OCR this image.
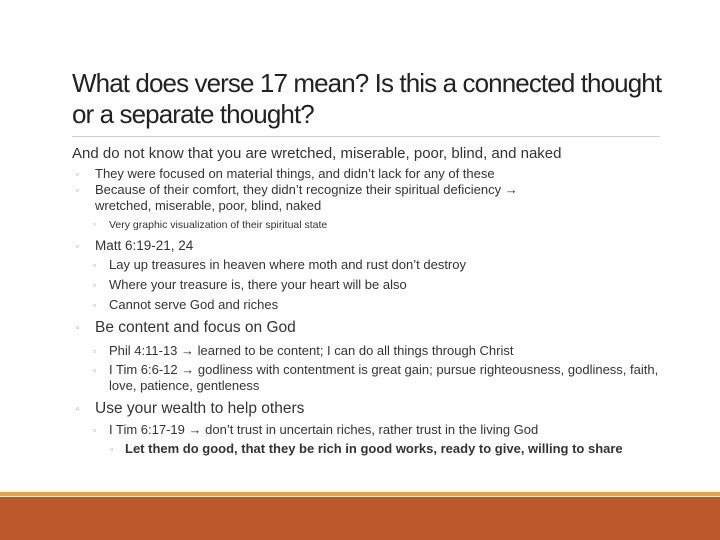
What does verse 17 mean? Is this a connected thought or a separate thought?
And do not know that you are wretched, miserable, poor, blind, and naked
▫ They were focused on material things, and didn’t lack for any of these
▫ Because of their comfort, they didn’t recognize their spiritual deficiency →
wretched, miserable, poor, blind, naked
▫ Very graphic visualization of their spiritual state
▫ Matt 6:19-21, 24
▫ Lay up treasures in heaven where moth and rust don’t destroy
▫ Where your treasure is, there your heart will be also
▫ Cannot serve God and riches
▫ Be content and focus on God
▫ Phil 4:11-13 → learned to be content; I can do all things through Christ
▫ I Tim 6:6-12 → godliness with contentment is great gain; pursue righteousness, godliness, faith, love, patience, gentleness
▫ Use your wealth to help others
▫ I Tim 6:17-19 → don’t trust in uncertain riches, rather trust in the living God
▫ Let them do good, that they be rich in good works, ready to give, willing to share
